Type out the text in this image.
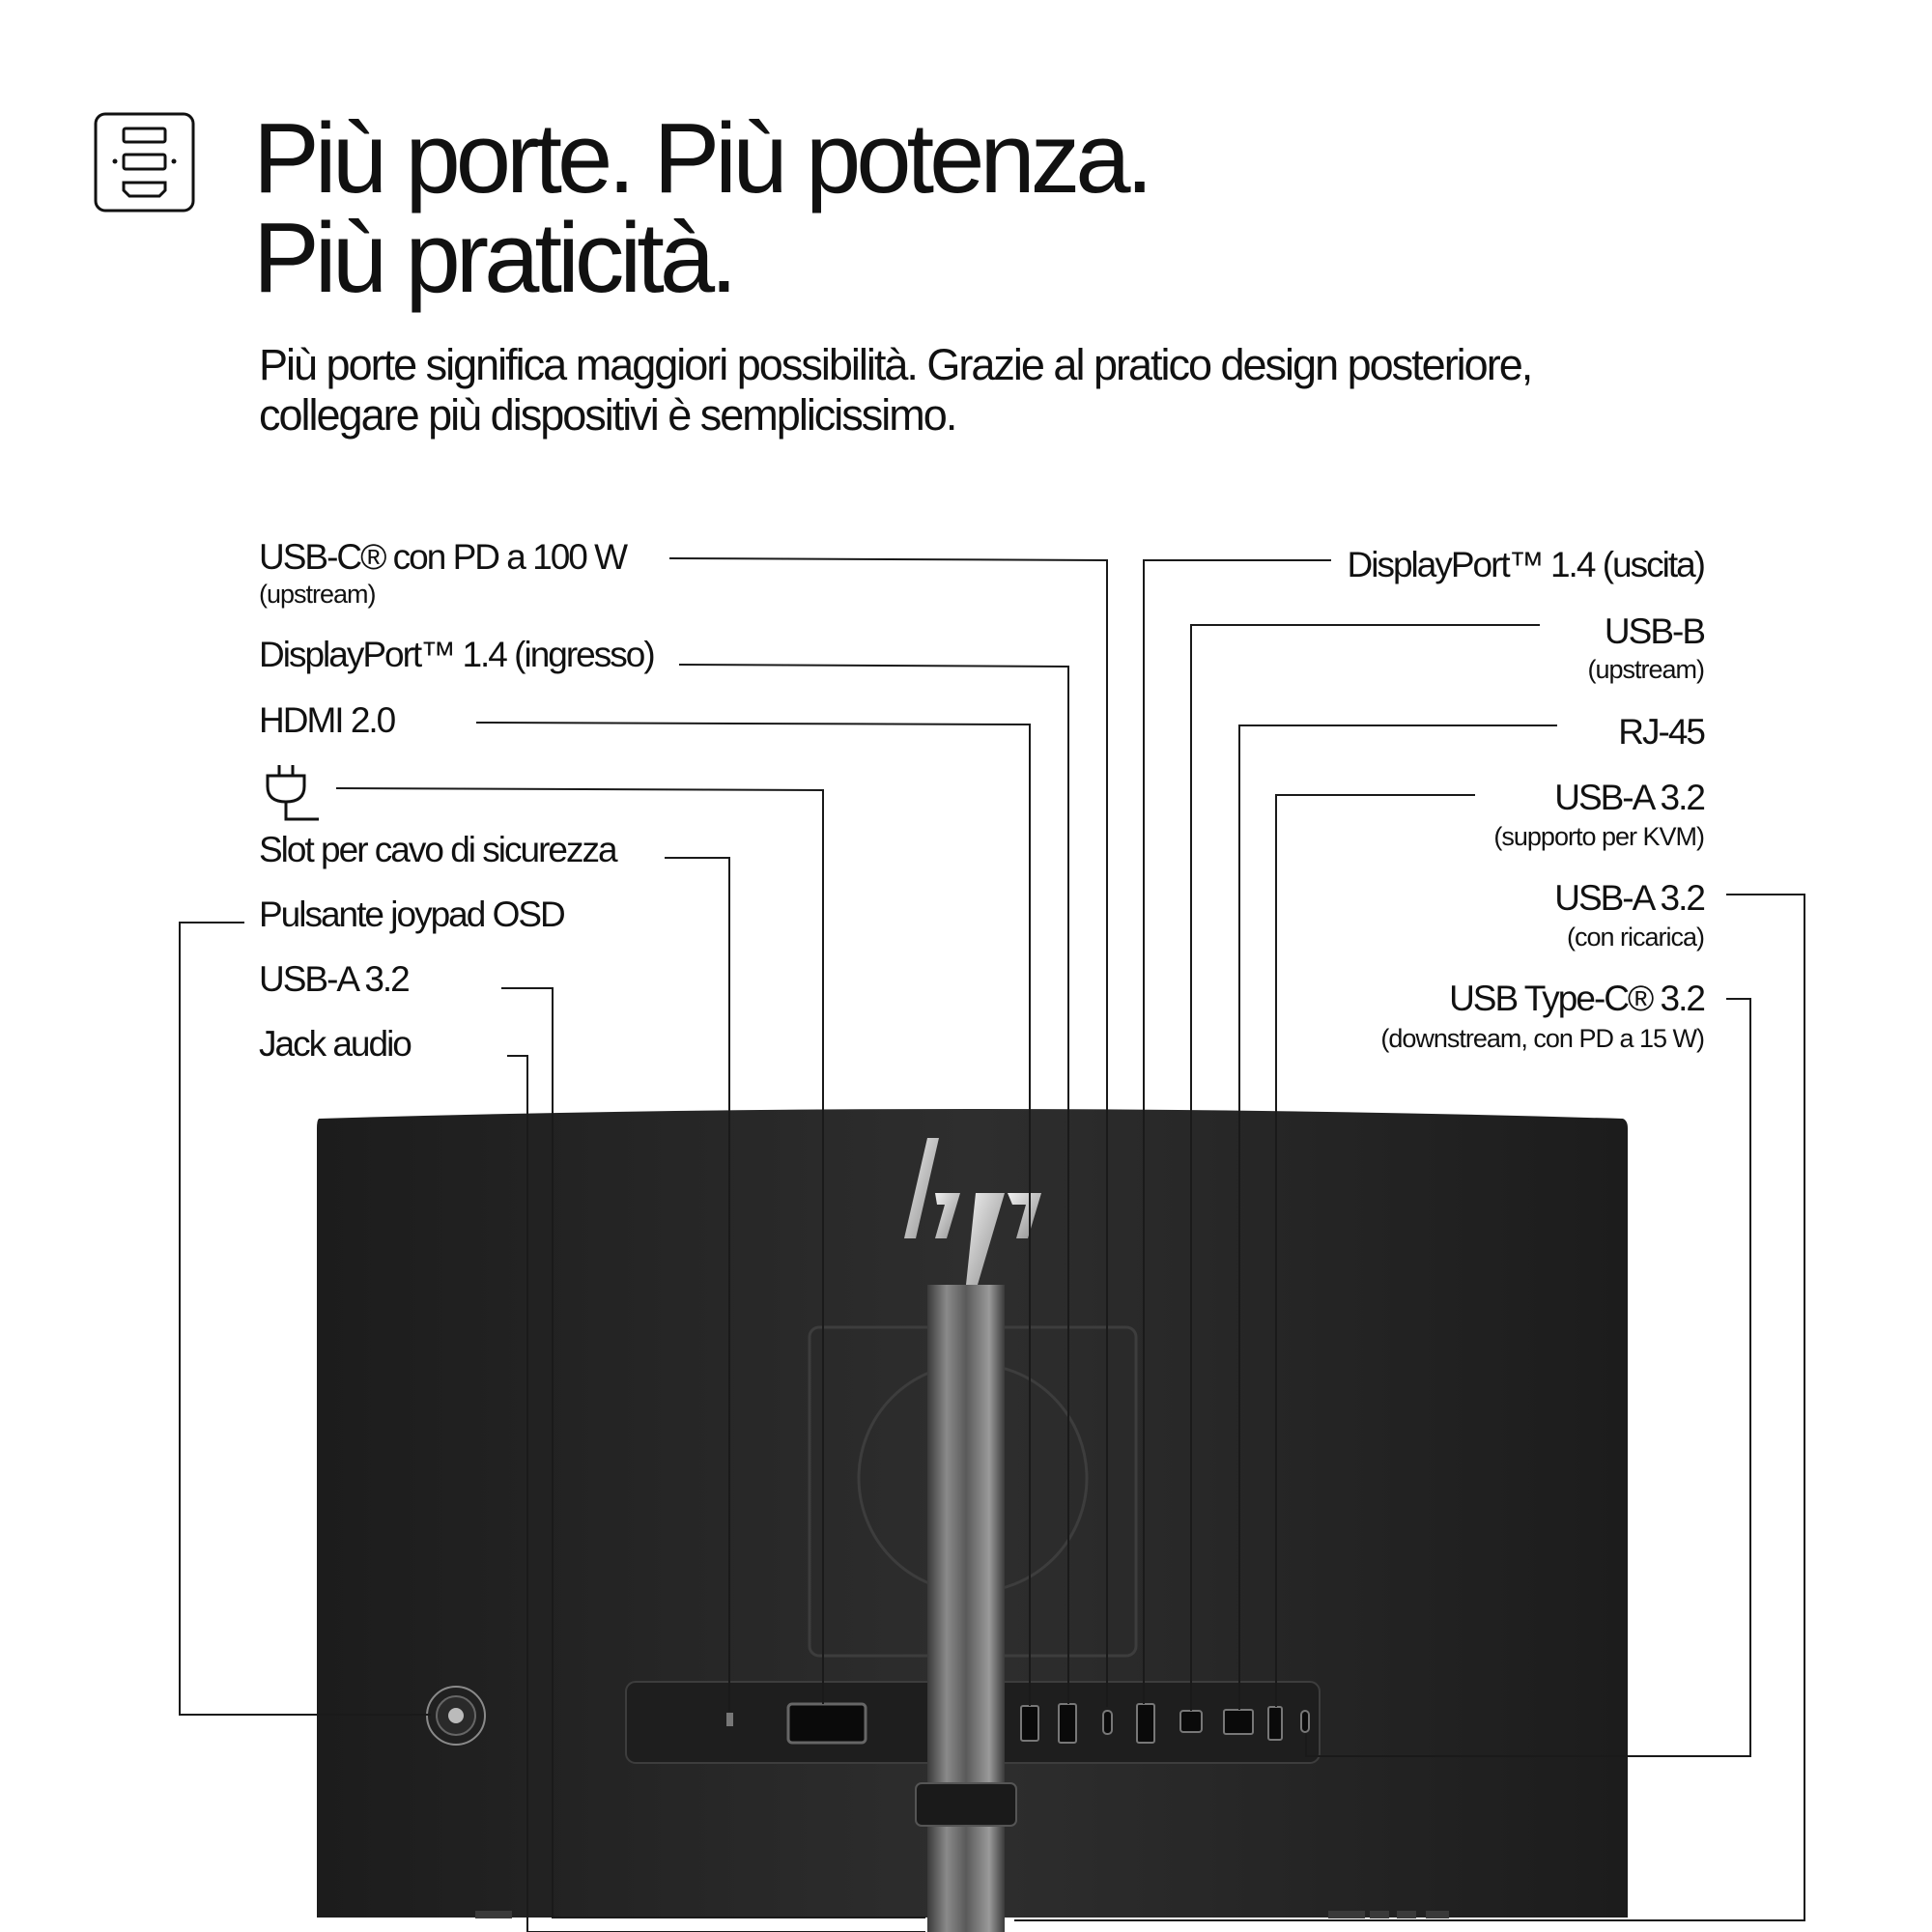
Più porte. Più potenza.
Più praticità.
Più porte significa maggiori possibilità. Grazie al pratico design posteriore,
collegare più dispositivi è semplicissimo.
USB-C® con PD a 100 W
(upstream)
DisplayPort™ 1.4 (ingresso)
HDMI 2.0
Slot per cavo di sicurezza
Pulsante joypad OSD
USB-A 3.2
Jack audio
DisplayPort™ 1.4 (uscita)
USB-B
(upstream)
RJ-45
USB-A 3.2
(supporto per KVM)
USB-A 3.2
(con ricarica)
USB Type-C® 3.2
(downstream, con PD a 15 W)
